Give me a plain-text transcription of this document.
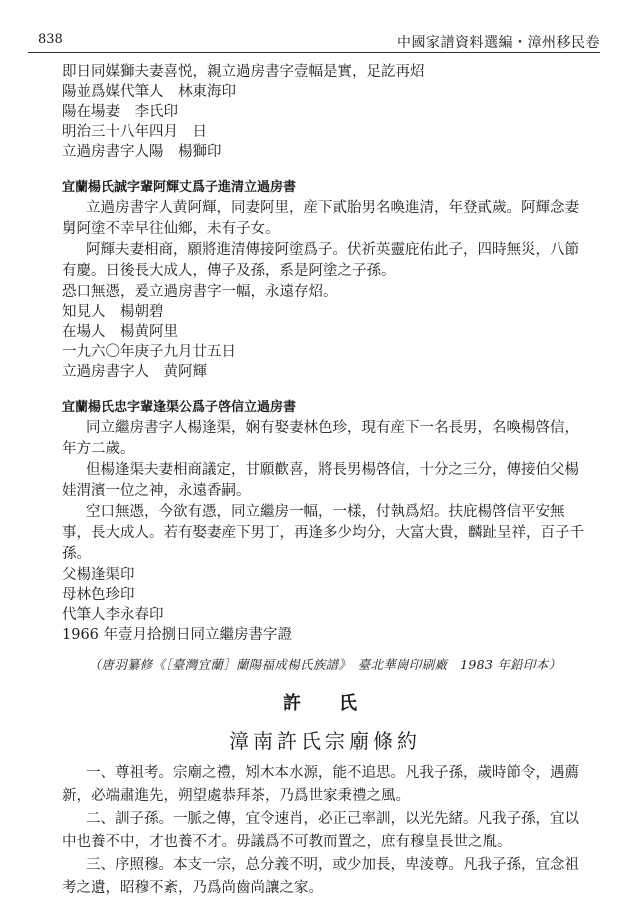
838	中國家譜資料選編・漳州移民卷
即日同媒獅夫妻喜悦，親立過房書字壹幅是實，足訖再炤
陽並爲媒代筆人　林東海印
陽在場妻　李氏印
明治三十八年四月　日
立過房書字人陽　楊獅印
宜蘭楊氏誠字輩阿輝丈爲子進清立過房書
立過房書字人黄阿輝，同妻阿里，産下貳胎男名喚進清，年登貳歲。阿輝念妻舅阿塗不幸早往仙鄉，未有子女。
阿輝夫妻相商，願將進清傳接阿塗爲子。伏祈英靈庇佑此子，四時無災，八節有慶。日後長大成人，傳子及孫，系是阿塗之子孫。
恐口無憑，爰立過房書字一幅，永遠存炤。
知見人　楊朝碧
在場人　楊黄阿里
一九六〇年庚子九月廿五日
立過房書字人　黄阿輝
宜蘭楊氏忠字輩逢渠公爲子啓信立過房書
同立繼房書字人楊逢渠，娴有娶妻林色珍，現有産下一名長男，名喚楊啓信，年方二歲。
但楊逢渠夫妻相商議定，甘願歡喜，將長男楊啓信，十分之三分，傳接伯父楊娃渭濱一位之神，永遠香嗣。
空口無憑，今欲有憑，同立繼房一幅，一樣，付執爲炤。扶庇楊啓信平安無事，長大成人。若有娶妻産下男丁，再逢多少均分，大富大貴，麟趾呈祥，百子千孫。
父楊逢渠印
母林色珍印
代筆人李永春印
1966 年壹月拾捌日同立繼房書字證
（唐羽纂修《［臺灣宜蘭］蘭陽福成楊氏族譜》　臺北華崗印刷廠　1983 年鉛印本）
許　氏
漳南許氏宗廟條約
一、尊祖考。宗廟之禮，矧木本水源，能不追思。凡我子孫，歲時節令，遇薦新，必端肅進先，朔望處恭拜茶，乃爲世家秉禮之風。
二、訓子孫。一脈之傳，宜令速肖，必正己率訓，以光先緒。凡我子孫，宜以中也養不中，才也養不才。毋議爲不可教而置之，庶有穆皇長世之胤。
三、序照穆。本支一宗，总分義不明，或少加長，卑淩尊。凡我子孫，宜念祖考之遺，昭穆不紊，乃爲尚齒尚讓之家。
